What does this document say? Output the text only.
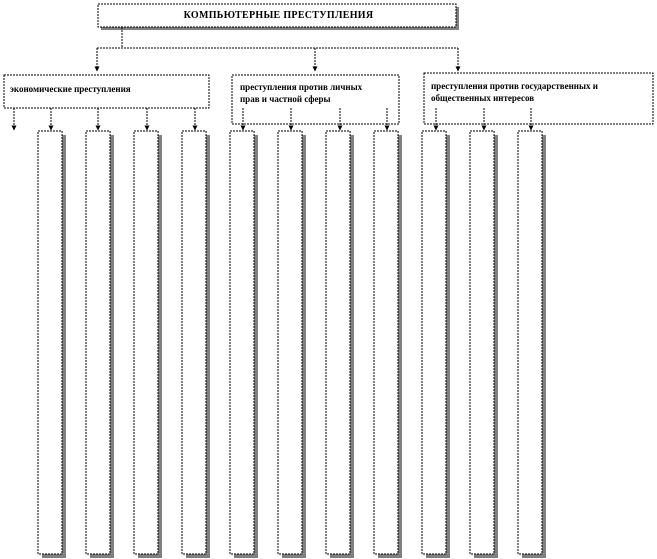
КОМПЬЮТЕРНЫЕ ПРЕСТУПЛЕНИЯ
экономические преступления	преступления против личных прав и частной сферы
преступления против государственных и общественных интересов
